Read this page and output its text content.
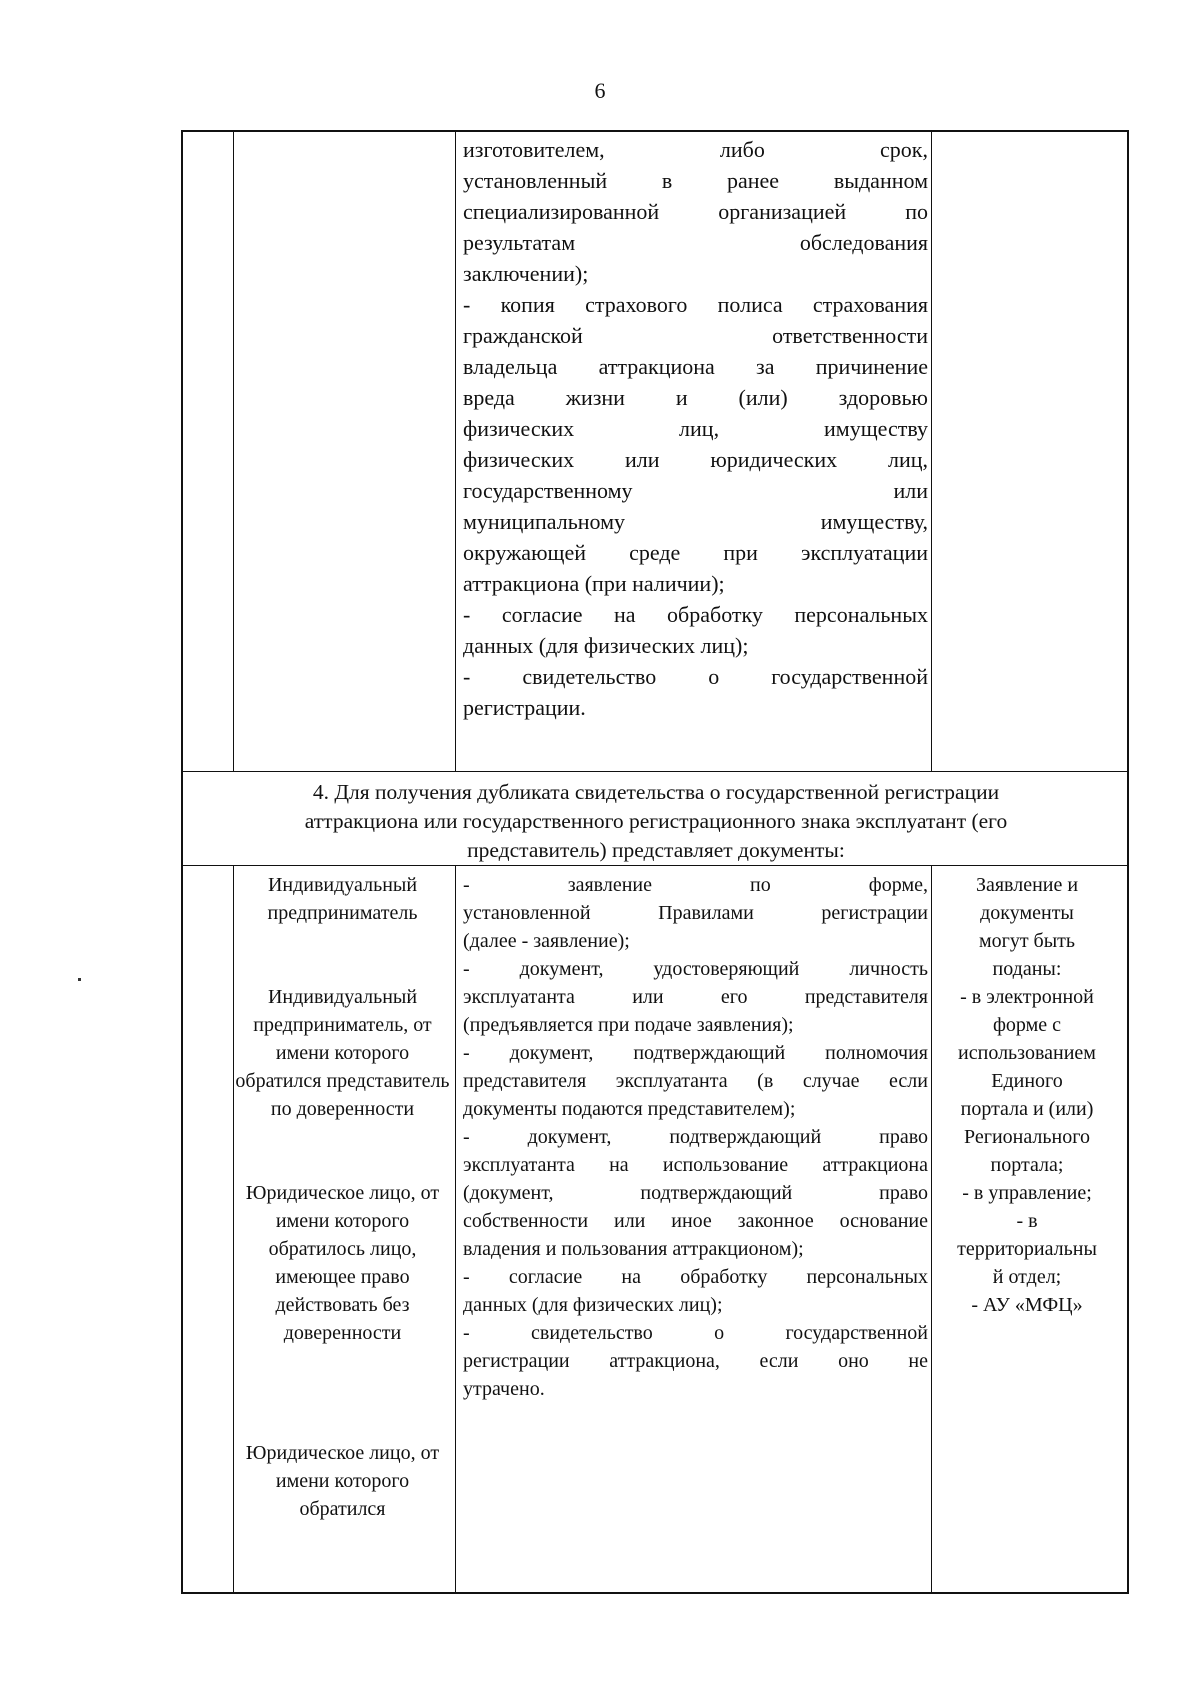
6
изготовителем, либо срок,
установленный в ранее выданном
специализированной организацией по
результатам обследования
заключении);
- копия страхового полиса страхования
гражданской ответственности
владельца аттракциона за причинение
вреда жизни и (или) здоровью
физических лиц, имуществу
физических или юридических лиц,
государственному или
муниципальному имуществу,
окружающей среде при эксплуатации
аттракциона (при наличии);
- согласие на обработку персональных
данных (для физических лиц);
- свидетельство о государственной
регистрации.
4. Для получения дубликата свидетельства о государственной регистрации
аттракциона или государственного регистрационного знака эксплуатант (его
представитель) представляет документы:
Индивидуальный предприниматель
Индивидуальный предприниматель, от имени которого обратился представитель по доверенности
Юридическое лицо, от имени которого обратилось лицо, имеющее право действовать без доверенности
Юридическое лицо, от имени которого обратился
- заявление по форме,
установленной Правилами регистрации
(далее - заявление);
- документ, удостоверяющий личность
эксплуатанта или его представителя
(предъявляется при подаче заявления);
- документ, подтверждающий полномочия
представителя эксплуатанта (в случае если
документы подаются представителем);
- документ, подтверждающий право
эксплуатанта на использование аттракциона
(документ, подтверждающий право
собственности или иное законное основание
владения и пользования аттракционом);
- согласие на обработку персональных
данных (для физических лиц);
- свидетельство о государственной
регистрации аттракциона, если оно не
утрачено.
Заявление и
документы
могут быть
поданы:
- в электронной
форме с
использованием
Единого
портала и (или)
Регионального
портала;
- в управление;
- в
территориальны
й отдел;
- АУ «МФЦ»
